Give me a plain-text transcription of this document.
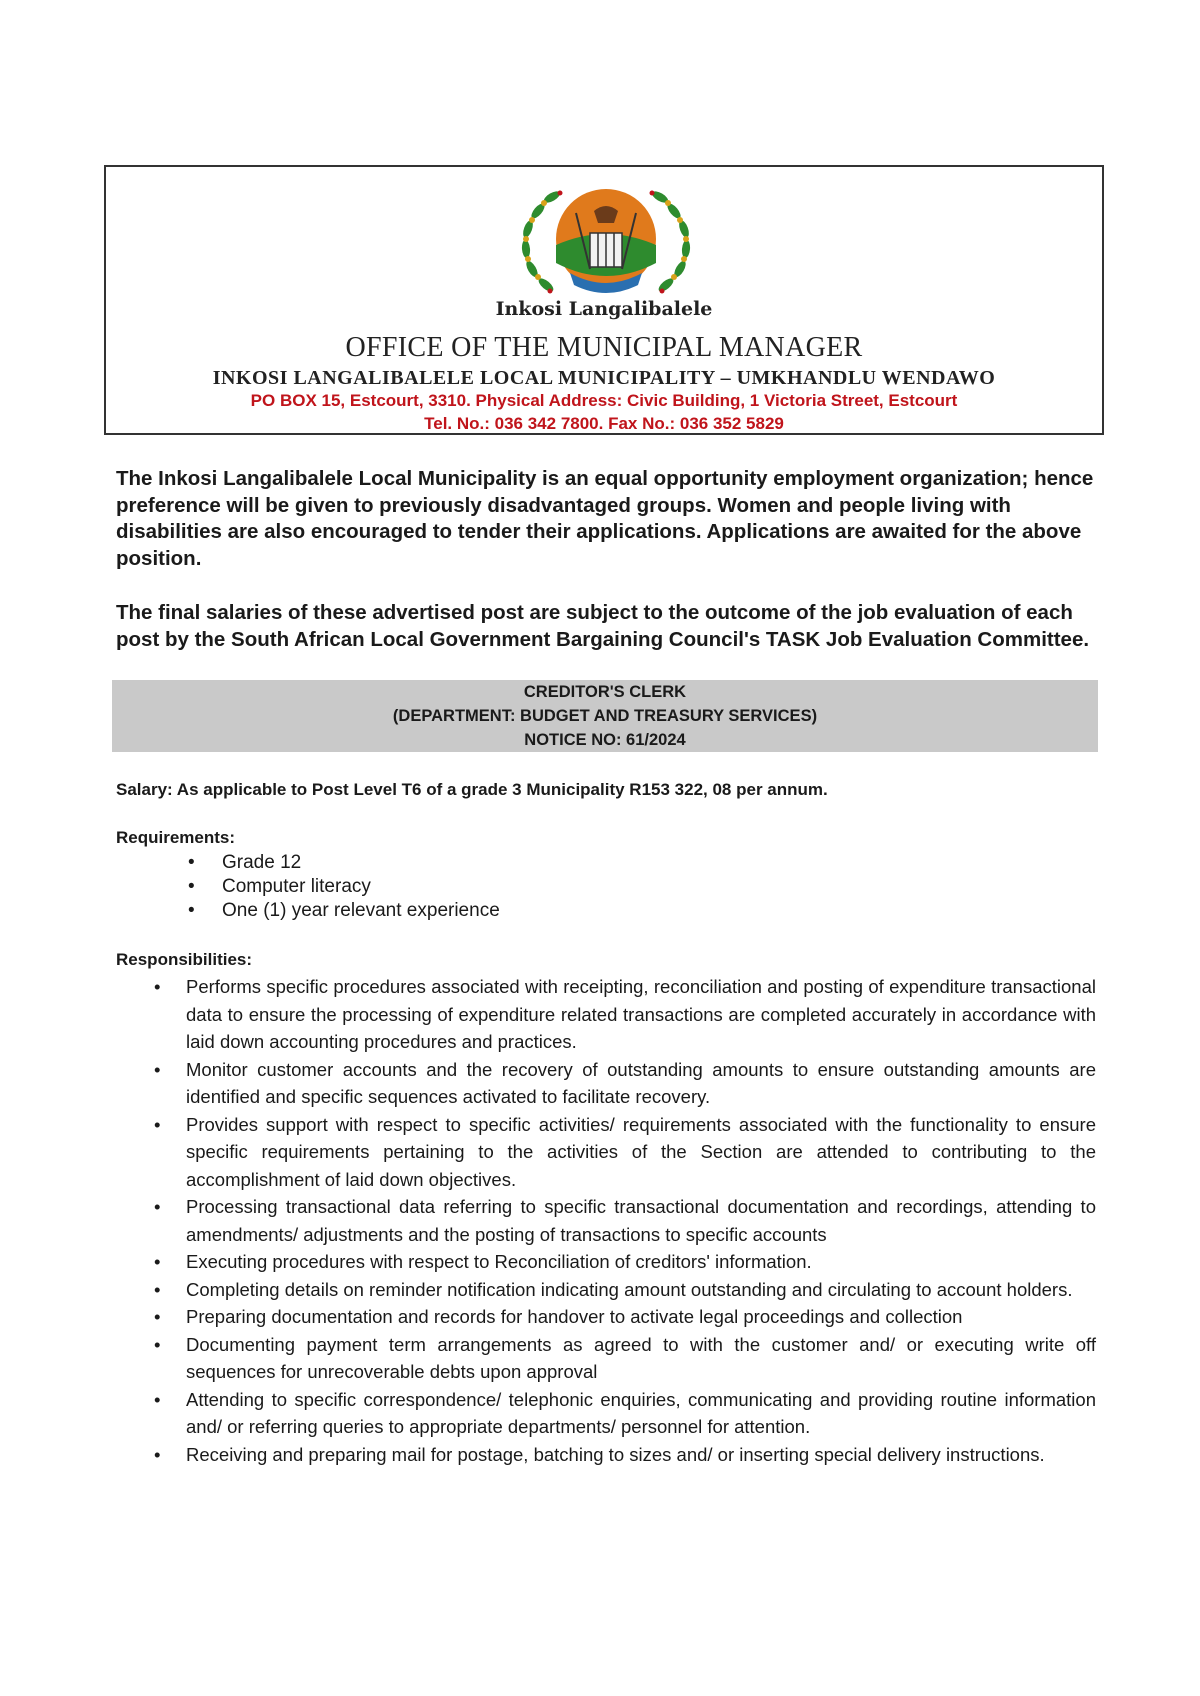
Inkosi Langalibalele
OFFICE OF THE MUNICIPAL MANAGER
INKOSI LANGALIBALELE LOCAL MUNICIPALITY – UMKHANDLU WENDAWO
PO BOX 15, Estcourt, 3310. Physical Address: Civic Building, 1 Victoria Street, Estcourt
Tel. No.: 036 342 7800. Fax No.: 036 352 5829

The Inkosi Langalibalele Local Municipality is an equal opportunity employment organization; hence preference will be given to previously disadvantaged groups. Women and people living with disabilities are also encouraged to tender their applications. Applications are awaited for the above position.

The final salaries of these advertised post are subject to the outcome of the job evaluation of each post by the South African Local Government Bargaining Council's TASK Job Evaluation Committee.

CREDITOR'S CLERK
(DEPARTMENT: BUDGET AND TREASURY SERVICES)
NOTICE NO: 61/2024
Salary: As applicable to Post Level T6 of a grade 3 Municipality R153 322, 08 per annum.
Requirements:
• Grade 12
• Computer literacy
• One (1) year relevant experience
Responsibilities:
• Performs specific procedures associated with receipting, reconciliation and posting of expenditure transactional data to ensure the processing of expenditure related transactions are completed accurately in accordance with laid down accounting procedures and practices.
• Monitor customer accounts and the recovery of outstanding amounts to ensure outstanding amounts are identified and specific sequences activated to facilitate recovery.
• Provides support with respect to specific activities/ requirements associated with the functionality to ensure specific requirements pertaining to the activities of the Section are attended to contributing to the accomplishment of laid down objectives.
• Processing transactional data referring to specific transactional documentation and recordings, attending to amendments/ adjustments and the posting of transactions to specific accounts
• Executing procedures with respect to Reconciliation of creditors' information.
• Completing details on reminder notification indicating amount outstanding and circulating to account holders.
• Preparing documentation and records for handover to activate legal proceedings and collection
• Documenting payment term arrangements as agreed to with the customer and/ or executing write off sequences for unrecoverable debts upon approval
• Attending to specific correspondence/ telephonic enquiries, communicating and providing routine information and/ or referring queries to appropriate departments/ personnel for attention.
• Receiving and preparing mail for postage, batching to sizes and/ or inserting special delivery instructions.
